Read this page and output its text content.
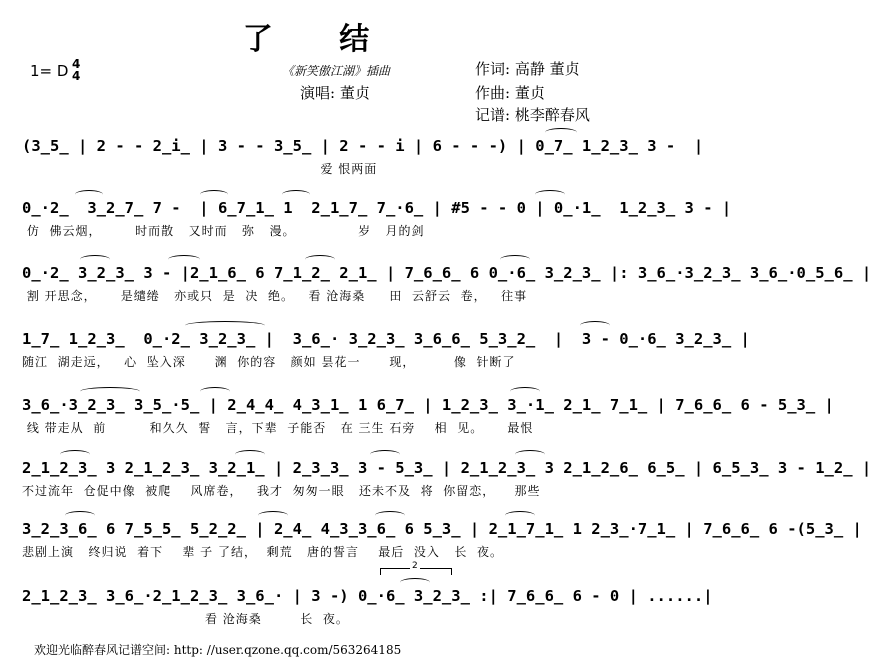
了 结
1= D 4
4	《新笑傲江湖》插曲
演唱: 董贞
作词: 高静 董贞
作曲: 董贞
记谱: 桃李醉春风
(3̲5̲ | 2 - - 2̲i̲ | 3 - - 3̲5̲ | 2 - - i | 6 - - -) | 0̲7̲ 1̲2̲3̲ 3 -  |
爱 恨两面
0̲·2̲  3̲2̲7̲ 7 -  | 6̲7̲1̲ 1  2̲1̲7̲ 7̲·6̲ | #5 - - 0 | 0̲·1̲  1̲2̲3̲ 3 - |
仿  佛云烟，       时而散   又时而   弥   漫。             岁   月的剑
0̲·2̲ 3̲2̲3̲ 3 - |2̲1̲6̲ 6 7̲1̲2̲ 2̲1̲ | 7̲6̲6̲ 6 0̲·6̲ 3̲2̲3̲ |: 3̲6̲·3̲2̲3̲ 3̲6̲·0̲5̲6̲ |
割 开思念，     是缱绻   亦或只  是  决  绝。   看 沧海桑     田  云舒云  卷，   往事
1̲7̲ 1̲2̲3̲  0̲·2̲ 3̲2̲3̲ |  3̲6̲· 3̲2̲3̲ 3̲6̲6̲ 5̲3̲2̲  |  3 - 0̲·6̲ 3̲2̲3̲ |
随江  湖走远，   心  坠入深      渊  你的容   颜如 昙花一      现，        像  针断了
3̲6̲·3̲2̲3̲ 3̲5̲·5̲ | 2̲4̲4̲ 4̲3̲1̲ 1 6̲7̲ | 1̲2̲3̲ 3̲·1̲ 2̲1̲ 7̲1̲ | 7̲6̲6̲ 6 - 5̲3̲ |
线 带走从  前         和久久  誓   言，下辈  子能否   在 三生 石旁    相  见。     最恨
2̲1̲2̲3̲ 3 2̲1̲2̲3̲ 3̲2̲1̲ | 2̲3̲3̲ 3 - 5̲3̲ | 2̲1̲2̲3̲ 3 2̲1̲2̲6̲ 6̲5̲ | 6̲5̲3̲ 3 - 1̲2̲ |
不过流年  仓促中像  被爬    风席卷，   我才  匆匆一眼   还未不及  将  你留恋，    那些
3̲2̲3̲6̲ 6 7̲5̲5̲ 5̲2̲2̲ | 2̲4̲ 4̲3̲3̲6̲ 6 5̲3̲ | 2̲1̲7̲1̲ 1 2̲3̲·7̲1̲ | 7̲6̲6̲ 6 -(5̲3̲ |
悲剧上演   终归说  着下    辈 子 了结，  剩荒   唐的誓言    最后  没入   长  夜。
2̲1̲2̲3̲ 3̲6̲·2̲1̲2̲3̲ 3̲6̲· | 3 -) 0̲·6̲ 3̲2̲3̲ :| 7̲6̲6̲ 6 - 0 | ......|
看 沧海桑        长  夜。
2
欢迎光临醉春风记谱空间: http: //user.qzone.qq.com/563264185
